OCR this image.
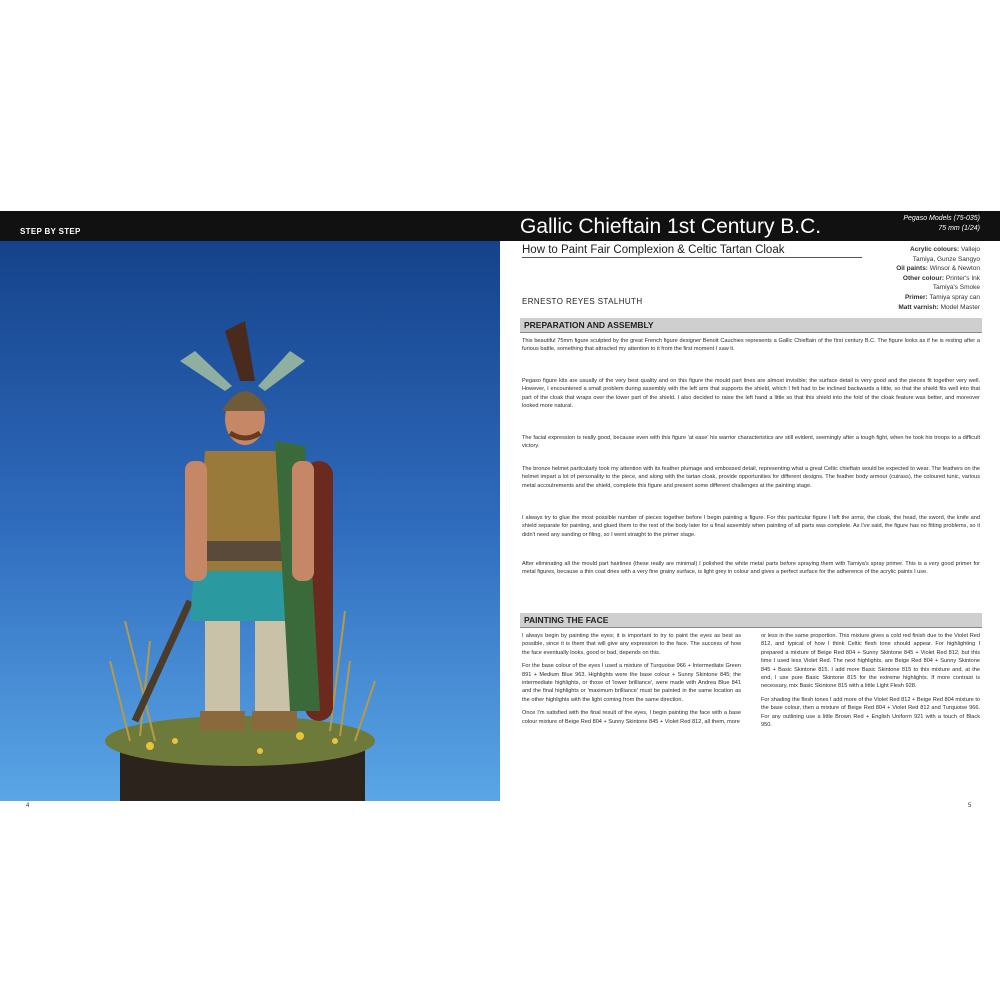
STEP BY STEP	Gallic Chieftain 1st Century B.C.	Pegaso Models (75-035)
75 mm (1/24)
How to Paint Fair Complexion & Celtic Tartan Cloak	Acrylic colours: Vallejo
Tamiya, Gunze Sangyo
Oil paints: Winsor & Newton
Other colour: Printer's Ink
Tamiya's Smoke
Primer: Tamiya spray can
Matt varnish: Model Master
ERNESTO REYES STALHUTH
PREPARATION AND ASSEMBLY
This beautiful 75mm figure sculpted by the great French figure designer Benoit Cauchies represents a Gallic Chieftain of the first century B.C. The figure looks as if he is resting after a furious battle, something that attracted my attention to it from the first moment I saw it.
Pegaso figure kits are usually of the very best quality and on this figure the mould part lines are almost invisible; the surface detail is very good and the pieces fit together very well. However, I encountered a small problem during assembly with the left arm that supports the shield, which I felt had to be inclined backwards a little, so that the shield fits well into that part of the cloak that wraps over the lower part of the shield. I also decided to raise the left hand a little so that this shield into the fold of the cloak feature was better, and moreover looked more natural.
The facial expression is really good, because even with this figure 'at ease' his warrior characteristics are still evident, seemingly after a tough fight, when he took his troops to a difficult victory.
The bronze helmet particularly took my attention with its feather plumage and embossed detail, representing what a great Celtic chieftain would be expected to wear. The feathers on the helmet impart a lot of personality to the piece, and along with the tartan cloak, provide opportunities for different designs. The feather body armour (cuirass), the coloured tunic, various metal accoutrements and the shield, complete this figure and present some different challenges at the painting stage.
I always try to glue the most possible number of pieces together before I begin painting a figure. For this particular figure I left the arms, the cloak, the head, the sword, the knife and shield separate for painting, and glued them to the rest of the body later for a final assembly when painting of all parts was complete. As I've said, the figure has no fitting problems, so it didn't need any sanding or filing, so I went straight to the primer stage.
After eliminating all the mould part hairlines (these really are minimal) I polished the white metal parts before spraying them with Tamiya's spray primer. This is a very good primer for metal figures, because a thin coat dries with a very fine grainy surface, is light grey in colour and gives a perfect surface for the adherence of the acrylic paints I use.
PAINTING THE FACE

I always begin by painting the eyes; it is important to try to paint the eyes as best as possible, since it is them that will give any expression to the face. The success of how the face eventually looks, good or bad, depends on this.

For the base colour of the eyes I used a mixture of Turquoise 966 + Intermediate Green 891 + Medium Blue 963. Highlights were the base colour + Sunny Skintone 845; the intermediate highlights, or those of 'lower brilliance', were made with Andrea Blue 841 and the final highlights or 'maximum brilliance' must be painted in the same location as the other highlights with the light coming from the same direction.

Once I'm satisfied with the final result of the eyes, I begin painting the face with a base colour mixture of Beige Red 804 + Sunny Skintone 845 + Violet Red 812, all them, more

or less in the same proportion. This mixture gives a cold red finish due to the Violet Red 812, and typical of how I think Celtic flesh tone should appear. For highlighting I prepared a mixture of Beige Red 804 + Sunny Skintone 845 + Violet Red 812, but this time I used less Violet Red. The next highlights, are Beige Red 804 + Sunny Skintone 845 + Basic Skintone 815. I add more Basic Skintone 815 to this mixture and, at the end, I use pure Basic Skintone 815 for the extreme highlights. If more contrast is necessary, mix Basic Skintone 815 with a little Light Flesh 928.

For shading the flesh tones I add more of the Violet Red 812 + Beige Red 804 mixture to the base colour, then a mixture of Beige Red 804 + Violet Red 812 and Turquoise 966. For any outlining use a little Brown Red + English Uniform 921 with a touch of Black 950.

4	5
